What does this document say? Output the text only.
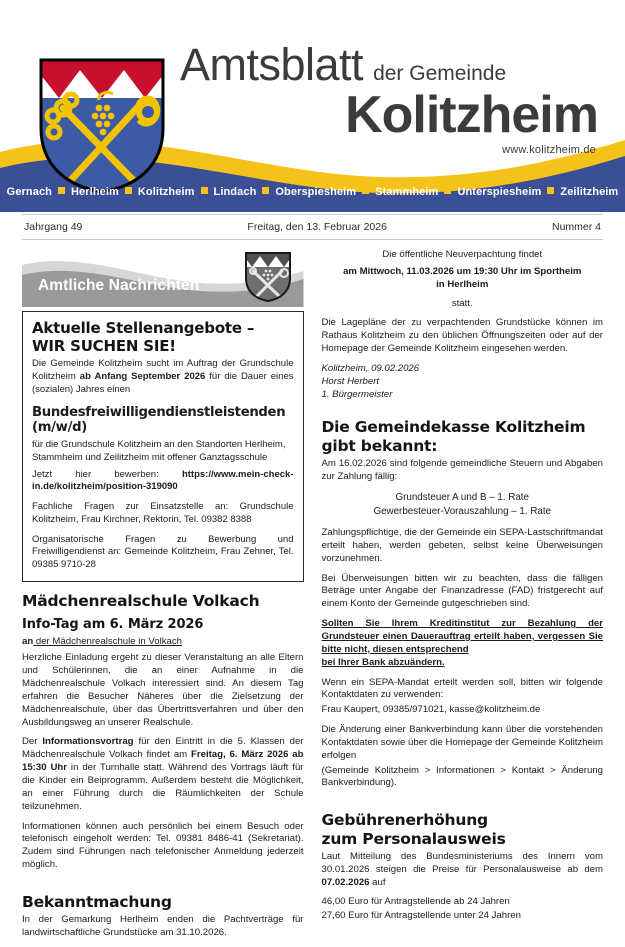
Amtsblatt der Gemeinde
Kolitzheim
www.kolitzheim.de
Gernach Herlheim Kolitzheim Lindach Oberspiesheim Stammheim Unterspiesheim Zeilitzheim
Jahrgang 49	Freitag, den 13. Februar 2026	Nummer 4
Amtliche Nachrichten
Aktuelle Stellenangebote –
WIR SUCHEN SIE!

Die Gemeinde Kolitzheim sucht im Auftrag der Grundschule Kolitzheim ab Anfang September 2026 für die Dauer eines (sozialen) Jahres einen

Bundesfreiwilligendienstleistenden (m/w/d)

für die Grundschule Kolitzheim an den Standorten Herlheim, Stammheim und Zeilitzheim mit offener Ganztagsschule

Jetzt hier bewerben: https://www.mein-check-in.de/kolitzheim/position-319090

Fachliche Fragen zur Einsatzstelle an: Grundschule Kolitzheim, Frau Kirchner, Rektorin, Tel. 09382 8388

Organisatorische Fragen zu Bewerbung und Freiwilligendienst an: Gemeinde Kolitzheim, Frau Zehner, Tel. 09385 9710-28

Mädchenrealschule Volkach
Info-Tag am 6. März 2026

an der Mädchenrealschule in Volkach

Herzliche Einladung ergeht zu dieser Veranstaltung an alle Eltern und Schülerinnen, die an einer Aufnahme in die Mädchenrealschule Volkach interessiert sind. An diesem Tag erfahren die Besucher Näheres über die Zielsetzung der Mädchenrealschule, über das Übertrittsverfahren und über den Ausbildungsweg an unserer Realschule.

Der Informationsvortrag für den Eintritt in die 5. Klassen der Mädchenrealschule Volkach findet am Freitag, 6. März 2026 ab 15:30 Uhr in der Turnhalle statt. Während des Vortrags läuft für die Kinder ein Beiprogramm. Außerdem besteht die Möglichkeit, an einer Führung durch die Räumlichkeiten der Schule teilzunehmen.

Informationen können auch persönlich bei einem Besuch oder telefonisch eingeholt werden: Tel. 09381 8486-41 (Sekretariat). Zudem sind Führungen nach telefonischer Anmeldung jederzeit möglich.

Bekanntmachung

In der Gemarkung Herlheim enden die Pachtverträge für landwirtschaftliche Grundstücke am 31.10.2026.

Die öffentliche Neuverpachtung findet

am Mittwoch, 11.03.2026 um 19:30 Uhr im Sportheim
in Herlheim

statt.

Die Lagepläne der zu verpachtenden Grundstücke können im Rathaus Kolitzheim zu den üblichen Öffnungszeiten oder auf der Homepage der Gemeinde Kolitzheim eingesehen werden.

Kolitzheim, 09.02.2026
Horst Herbert
1. Bürgermeister
Die Gemeindekasse Kolitzheim
gibt bekannt:

Am 16.02.2026 sind folgende gemeindliche Steuern und Abgaben zur Zahlung fällig:

Grundsteuer A und B – 1. Rate

Gewerbesteuer-Vorauszahlung – 1. Rate

Zahlungspflichtige, die der Gemeinde ein SEPA-Lastschriftmandat erteilt haben, werden gebeten, selbst keine Überweisungen vorzunehmen.

Bei Überweisungen bitten wir zu beachten, dass die fälligen Beträge unter Angabe der Finanzadresse (FAD) fristgerecht auf einem Konto der Gemeinde gutgeschrieben sind.

Sollten Sie Ihrem Kreditinstitut zur Bezahlung der Grundsteuer einen Dauerauftrag erteilt haben, vergessen Sie bitte nicht, diesen entsprechend

bei Ihrer Bank abzuändern.

Wenn ein SEPA-Mandat erteilt werden soll, bitten wir folgende Kontaktdaten zu verwenden:

Frau Kaupert, 09385/971021, kasse@kolitzheim.de

Die Änderung einer Bankverbindung kann über die vorstehenden Kontaktdaten sowie über die Homepage der Gemeinde Kolitzheim erfolgen

(Gemeinde Kolitzheim > Informationen > Kontakt > Änderung Bankverbindung).

Gebührenerhöhung
zum Personalausweis

Laut Mitteilung des Bundesministeriums des Innern vom 30.01.2026 steigen die Preise für Personalausweise ab dem 07.02.2026 auf

46,00 Euro für Antragstellende ab 24 Jahren

27,60 Euro für Antragstellende unter 24 Jahren
